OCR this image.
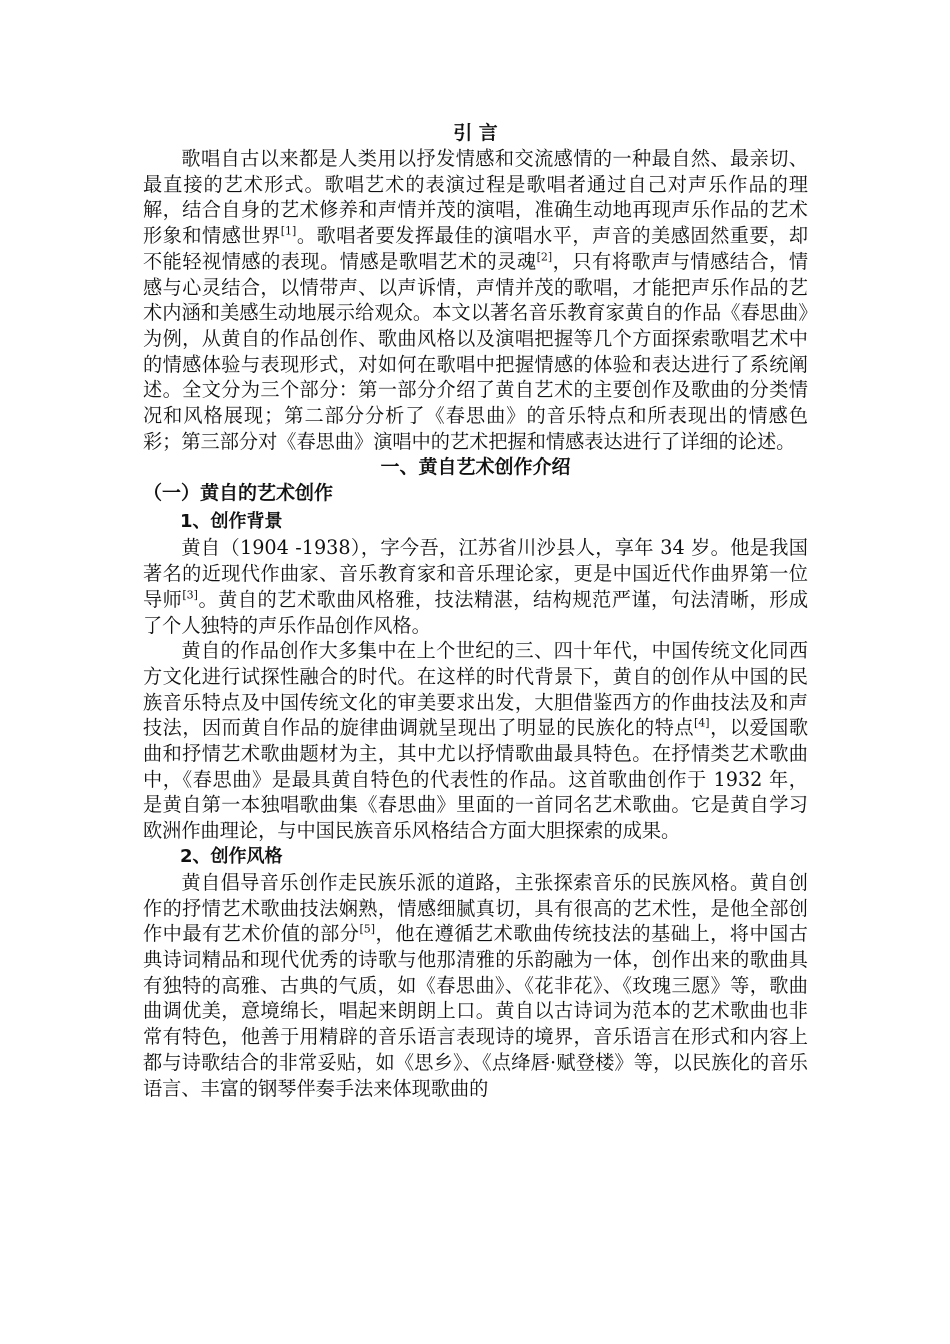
引 言

歌唱自古以来都是人类用以抒发情感和交流感情的一种最自然、最亲切、最直接的艺术形式。歌唱艺术的表演过程是歌唱者通过自己对声乐作品的理解，结合自身的艺术修养和声情并茂的演唱，准确生动地再现声乐作品的艺术形象和情感世界[1]。歌唱者要发挥最佳的演唱水平，声音的美感固然重要，却不能轻视情感的表现。情感是歌唱艺术的灵魂[2]，只有将歌声与情感结合，情感与心灵结合，以情带声、以声诉情，声情并茂的歌唱，才能把声乐作品的艺术内涵和美感生动地展示给观众。本文以著名音乐教育家黄自的作品《春思曲》为例，从黄自的作品创作、歌曲风格以及演唱把握等几个方面探索歌唱艺术中的情感体验与表现形式，对如何在歌唱中把握情感的体验和表达进行了系统阐述。全文分为三个部分：第一部分介绍了黄自艺术的主要创作及歌曲的分类情况和风格展现；第二部分分析了《春思曲》的音乐特点和所表现出的情感色彩；第三部分对《春思曲》演唱中的艺术把握和情感表达进行了详细的论述。

一、黄自艺术创作介绍
（一）黄自的艺术创作
1、创作背景

黄自（1904 -1938），字今吾，江苏省川沙县人，享年 34 岁。他是我国著名的近现代作曲家、音乐教育家和音乐理论家，更是中国近代作曲界第一位导师[3]。黄自的艺术歌曲风格雅，技法精湛，结构规范严谨，句法清晰，形成了个人独特的声乐作品创作风格。

黄自的作品创作大多集中在上个世纪的三、四十年代，中国传统文化同西方文化进行试探性融合的时代。在这样的时代背景下，黄自的创作从中国的民族音乐特点及中国传统文化的审美要求出发，大胆借鉴西方的作曲技法及和声技法，因而黄自作品的旋律曲调就呈现出了明显的民族化的特点[4]，以爱国歌曲和抒情艺术歌曲题材为主，其中尤以抒情歌曲最具特色。在抒情类艺术歌曲中，《春思曲》是最具黄自特色的代表性的作品。这首歌曲创作于 1932 年，是黄自第一本独唱歌曲集《春思曲》里面的一首同名艺术歌曲。它是黄自学习欧洲作曲理论，与中国民族音乐风格结合方面大胆探索的成果。

2、创作风格

黄自倡导音乐创作走民族乐派的道路，主张探索音乐的民族风格。黄自创作的抒情艺术歌曲技法娴熟，情感细腻真切，具有很高的艺术性，是他全部创作中最有艺术价值的部分[5]，他在遵循艺术歌曲传统技法的基础上，将中国古典诗词精品和现代优秀的诗歌与他那清雅的乐韵融为一体，创作出来的歌曲具有独特的高雅、古典的气质，如《春思曲》、《花非花》、《玫瑰三愿》等，歌曲曲调优美，意境绵长，唱起来朗朗上口。黄自以古诗词为范本的艺术歌曲也非常有特色，他善于用精辟的音乐语言表现诗的境界，音乐语言在形式和内容上都与诗歌结合的非常妥贴，如《思乡》、《点绛唇·赋登楼》等，以民族化的音乐语言、丰富的钢琴伴奏手法来体现歌曲的
